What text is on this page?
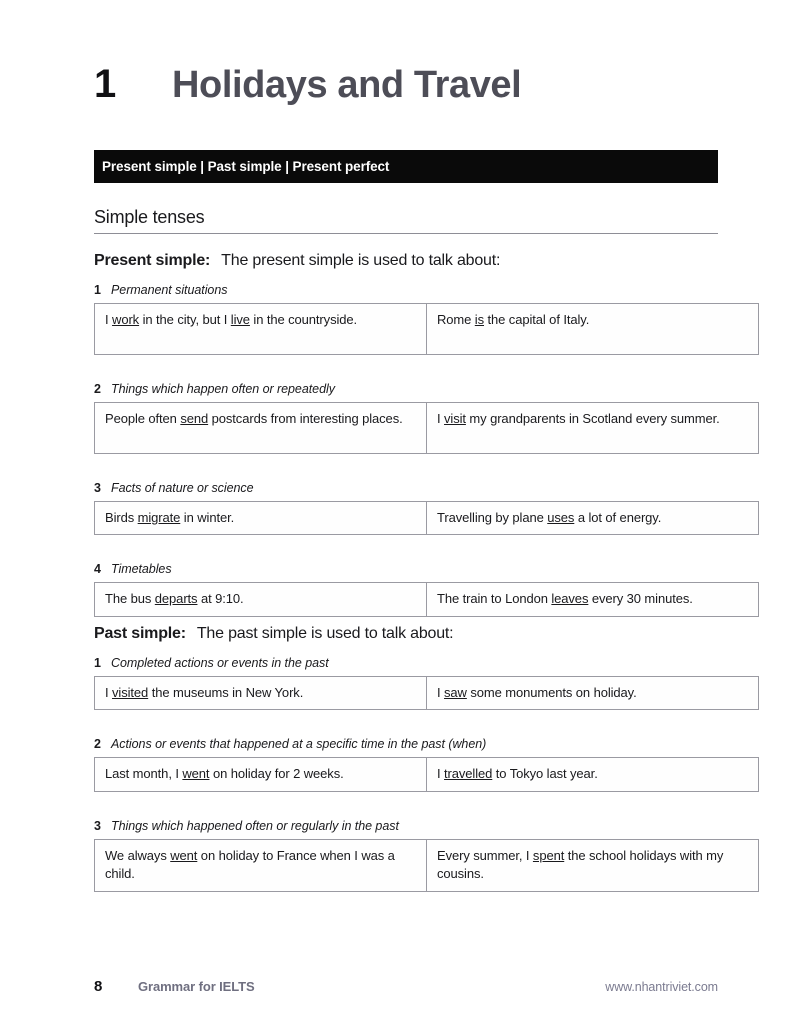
1	Holidays and Travel
Present simple | Past simple | Present perfect
Simple tenses
Present simple: The present simple is used to talk about:
1 Permanent situations
I work in the city, but I live in the countryside.	Rome is the capital of Italy.
2 Things which happen often or repeatedly
People often send postcards from interesting places.	I visit my grandparents in Scotland every summer.
3 Facts of nature or science
Birds migrate in winter.	Travelling by plane uses a lot of energy.
4 Timetables
The bus departs at 9:10.	The train to London leaves every 30 minutes.
Past simple: The past simple is used to talk about:
1 Completed actions or events in the past
I visited the museums in New York.	I saw some monuments on holiday.
2 Actions or events that happened at a specific time in the past (when)
Last month, I went on holiday for 2 weeks.	I travelled to Tokyo last year.
3 Things which happened often or regularly in the past
We always went on holiday to France when I was a child.	Every summer, I spent the school holidays with my cousins.
8	Grammar for IELTS	www.nhantriviet.com
